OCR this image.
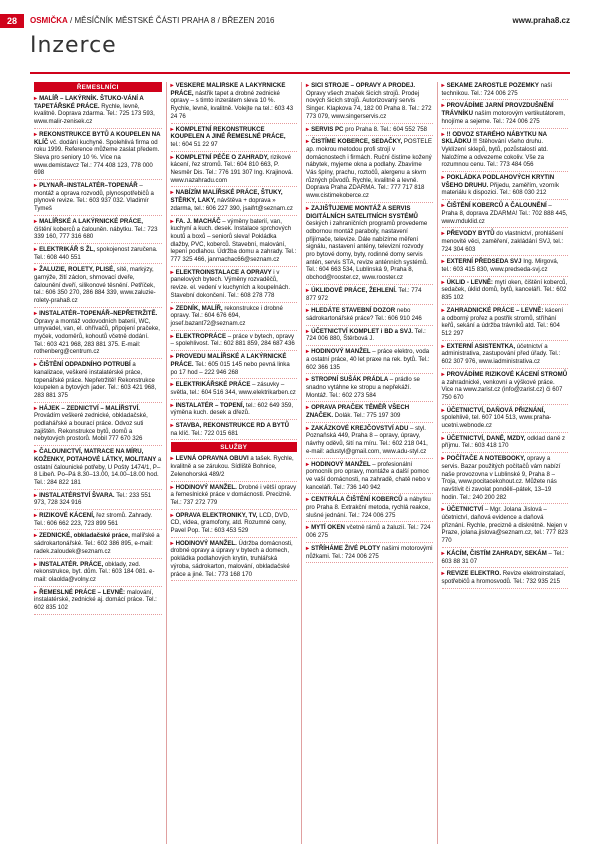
28	OSMIČKA / MĚSÍČNÍK MĚSTSKÉ ČÁSTI PRAHA 8 / BŘEZEN 2016	www.praha8.cz
Inzerce
ŘEMESLNÍCI
▸ MALÍŘ – LAKÝRNÍK. ŠTUKO-VÁNÍ A TAPETÁŘSKÉ PRÁCE. Rychle, levně, kvalitně. Doprava zdarma. Tel.: 725 173 593, www.malir-zenisek.cz
▸ REKONSTRUKCE BYTŮ A KOUPELEN NA KLÍČ vč. dodání kuchyně. Spolehlivá firma od roku 1999. Reference můžeme zaslat předem. Sleva pro seniory 10 %. Více na www.demistavcz Tel.: 774 408 123, 778 000 698
▸ PLYNAŘ–INSTALATÉR–TOPENÁŘ – montáž a oprava rozvodů, plynospotřebičů a plynové revize. Tel.: 603 937 032. Vladimír Tymeš
▸ MALÍŘSKÉ A LAKÝRNICKÉ PRÁCE, čištění koberců a čalouněn. nábytku. Tel.: 723 339 160, 777 316 680
▸ ELEKTRIKÁŘ S ŽL, spokojenost zaručena. Tel.: 608 440 551
▸ ŽALUZIE, ROLETY, PLISÉ, sítě, markýzy, garnýže, žití záclon, shrnovací dveře, čalounění dveří, silikonové těsnění. Petříček, tel.: 606 350 270, 286 884 339, www.zaluzie-rolety-praha8.cz
▸ INSTALATÉR–TOPENÁŘ–NEPŘETRŽITĚ. Opravy a montáž vodovodních baterií, WC, umyvadel, van, el. ohřívačů, připojení pračeke, myček, vodoměrů, kohoutů včetně dodání. Tel.: 603 421 968, 283 881 375. E-mail: rothenberg@centrum.cz
▸ ČIŠTĚNÍ ODPADNÍHO POTRUBÍ a kanalizace, veškeré instalatérské práce, topenářské práce. Nepřetržitě! Rekonstrukce koupelen a bytových jader. Tel.: 603 421 968, 283 881 375
▸ HÁJEK – ZEDNICTVÍ – MALÍŘSTVÍ. Provádím veškeré zednické, obkladačské, podlahářské a bourací práce. Odvoz suti zajištěn. Rekonstrukce bytů, domů a nebytových prostorů. Mobil 777 670 326
▸ ČALOUNICTVÍ, MATRACE NA MÍRU, KOŽENKY, POTAHOVÉ LÁTKY, MOLITANY a ostatní čalounické potřeby, U Pošty 1474/1, P–8 Libeň. Po–Pá 8.30–13.00, 14.00–18.00 hod. Tel.: 284 822 181
▸ INSTALATÉRSTVÍ ŠVARA. Tel.: 233 551 973, 728 324 916
▸ RIZIKOVÉ KÁCENÍ, řez stromů. Zahrady. Tel.: 606 662 223, 723 899 561
▸ ZEDNICKÉ, obkladačské práce, malířské a sádrokartonářské. Tel.: 602 386 895, e-mail: radek.zaloudek@seznam.cz
▸ INSTALATÉR. PRÁCE, obklady, zed. rekonstrukce, byt. dům. Tel.: 603 184 081. e-mail: olaolda@volny.cz
▸ ŘEMESLNÉ PRÁCE – LEVNĚ: malování, instalatérské, zednické aj. domácí práce. Tel.: 602 835 102
▸ VEŠKERÉ MALÍŘSKÉ A LAKÝRNICKÉ PRÁCE, nástřik tapet a drobné zednické opravy – s timto inzerátem sleva 10 %. Rychle, levně, kvalitně. Volejte na tel.: 603 43 24 76
▸ KOMPLETNÍ REKONSTRUKCE KOUPELEN A JINÉ ŘEMESLNÉ PRÁCE, tel.: 604 51 22 97
▸ KOMPLETNÍ PÉČE O ZAHRADY, rizikové kácení, řez stromů. Tel.: 604 810 663, P. Nesměr Dis. Tel.: 776 191 307 Ing. Krajinová. www.nazahradu.com
▸ NABÍZÍM MALÍŘSKÉ PRÁCE, ŠTUKY, STĚRKY, LAKY, návštěva + doprava » zdarma, tel.: 606 227 390, jsaifrt@seznam.cz
▸ FA. J. MACHÁČ – výměny baterií, van, kuchyní a kuch. desek. Instalace sprchových koutů a boxů – seniorů sleva! Pokládka dlažby, PVC, koberců. Stavební, malování, lepení podlahou. Údržba domu a zahrady. Tel.: 777 325 466, janmachac66@seznam.cz
▸ ELEKTROINSTALACE A OPRAVY i v panelových bytech. Výměny rozvaděčů, revize. el. vedení v kuchyních a koupelnách. Stavební dokončení. Tel.: 608 278 778
▸ ZEDNÍK, MALÍŘ, rekonstrukce i drobné opravy. Tel.: 604 676 694, josef.bazant72@seznam.cz
▸ ELEKTROPRÁCE – práce v bytech, opravy – spolehlivost. Tel.: 602 881 859, 284 687 436
▸ PROVEDU MALÍŘSKÉ A LAKÝRNICKÉ PRÁCE. Tel.: 605 015 145 nebo pevná linka po 17 hod – 222 946 268
▸ ELEKTRIKÁŘSKÉ PRÁCE – zásuvky – světla, tel.: 604 516 344, www.elektrikarben.cz
▸ INSTALATÉR – TOPENÍ, tel.: 602 649 359, výměna kuch. desek a dřezů.
▸ STAVBA, REKONSTRUKCE RD A BYTŮ na klíč. Tel.: 722 015 681
SLUŽBY
▸ LEVNÁ OPRAVNA OBUVI a tašek. Rychle, kvalitně a se zárukou. Sídliště Bohnice, Zelenohorská 489/2
▸ HODINOVÝ MANŽEL. Drobné i větší opravy a řemeslnické práce v domácnosti. Preciznë. Tel.: 737 272 779
▸ OPRAVA ELEKTRONIKY, TV, LCD, DVD, CD, videa, gramofony, atd. Rozumné ceny, Pavel Pop. Tel.: 603 453 529
▸ HODINOVÝ MANŽEL. Údržba domácnosti, drobné opravy a úpravy v bytech a domech, pokládka podlahových krytin, truhlářská výroba, sádrokarton, malování, obkladačské práce a jiné. Tel.: 773 168 170
▸ ŠICÍ STROJE – OPRAVY A PRODEJ. Opravy všech značek šicích strojů. Prodej nových šicích strojů. Autorizovaný servis Singer. Klapkova 74, 182 00 Praha 8. Tel.: 272 773 079, www.singerservis.cz
▸ SERVIS PC pro Praha 8. Tel.: 604 552 758
▸ ČISTÍME KOBERCE, SEDAČKY, POSTELE ap. mokrou metodou profi strojí v domácnostech i firmách. Ruční čistíme kožený nábytek, myjeme okna a podlahy. Zbavíme Vás špíny, prachu, roztočů, alergenu a skvrn různých původů. Rychle, kvalitně a levně. Doprava Praha ZDARMA. Tel.: 777 717 818 www.cistimekoberce.cz
▸ ZAJIŠŤUJEME MONTÁŽ A SERVIS DIGITÁLNÍCH SATELITNÍCH SYSTÉMŮ českých i zahraničních programů provedeme odbornou montáž paraboly, nastavení přijímače, televize. Dále nabízíme měření signálu, nastavení antény, televizní rozvody pro bytové domy, byty, rodinné domy servis antén, servis STA, revize anténních systémů. Tel.: 604 663 534, Lublinská 9, Praha 8, obchod@rooster.cz, www.rooster.cz
▸ ÚKLIDOVÉ PRÁCE, ŽEHLENÍ. Tel.: 774 877 972
▸ HLEDÁTE STAVEBNÍ DOZOR nebo sádrokartonářské práce? Tel.: 606 910 246
▸ ÚČETNICTVÍ KOMPLET i BD a SVJ. Tel.: 724 006 880, Štěrbová J.
▸ HODINOVÝ MANŽEL – práce elektro, voda a ostatní práce, 40 let praxe na rek. bytů. Tel.: 602 366 135
▸ STROPNÍ SUŠÁK PRÁDLA – prádlo se snadno vytáhne ke stropu a nepřekáží. Montáž. Tel.: 602 273 584
▸ OPRAVA PRAČEK TĚMĚŘ VŠECH ZNAČEK. Dolák. Tel.: 775 197 309
▸ ZAKÁZKOVÉ KREJČOVSTVÍ ADU – styl. Poznaňská 449, Praha 8 – opravy, úpravy, návrhy oděvů, šití na míru. Tel.: 602 218 041, e-mail: adustyl@gmail.com, www.adu-styl.cz
▸ HODINOVÝ MANŽEL – profesionální pomocník pro opravy, montáže a další pomoc ve vaší domácnosti, na zahradě, chatě nebo v kanceláři. Tel.: 736 140 942
▸ CENTRÁLA ČIŠTĚNÍ KOBERCŮ a nábytku pro Praha 8. Extrakční metoda, rychlá reakce, slušné jednání. Tel.: 724 006 275
▸ MYTÍ OKEN včetně rámů a žaluzií. Tel.: 724 006 275
▸ STŘÍHÁME ŽIVÉ PLOTY našimi motorovými nůžkami. Tel.: 724 006 275
▸ SEKÁME ZAROSTLÉ POZEMKY naší technikou. Tel.: 724 006 275
▸ PROVÁDÍME JARNÍ PROVZDUŠNĚNÍ TRÁVNÍKU naším motorovým vertikutátorem, hnojíme a sejeme. Tel.: 724 006 275
▸ !! ODVOZ STARÉHO NÁBYTKU NA SKLÁDKU !! Stěhování všeho druhu. Vyklízení sklepů, bytů, pozůstalostí atd. Naložíme a odvezeme cokoliv. Vše za rozumnou cenu. Tel.: 773 484 056
▸ POKLÁDKA PODLAHOVÝCH KRYTIN VŠEHO DRUHU. Přijedu, zaměřím, vzorník materiálu k dispozici. Tel.: 608 030 212
▸ ČIŠTĚNÍ KOBERCŮ A ČALOUNĚNÍ – Praha 8, doprava ZDARMA! Tel.: 702 888 445, www.mduklid.cz
▸ PŘEVODY BYTŮ do vlastnictví, prohlášení menovité věci, zaměření, zakládání SVJ, tel.: 724 304 603
▸ EXTERNÍ PŘEDSEDA SVJ Ing. Mirgová, tel.: 603 415 830, www.predseda-svj.cz
▸ ÚKLID - LEVNĚ: mytí oken, čištění koberců, sedaček, úklid domů, bytů, kanceláří. Tel.: 602 835 102
▸ ZAHRADNICKÉ PRÁCE – LEVNĚ: kácení a odborný prořez a postřik stromů, stříhání keřů, sekání a údržba trávníků atd. Tel.: 604 512 297
▸ EXTERNÍ ASISTENTKA, účetnictví a administrativa, zastupování před úřady. Tel.: 602 307 976, www.iadministrativa.cz
▸ PROVÁDÍME RIZIKOVÉ KÁCENÍ STROMŮ a zahradnické, venkovní a výškové práce. Vice na www.zarist.cz (info@zarist.cz) či 607 750 670
▸ ÚČETNICTVÍ, DAŇOVÁ PŘIZNÁNÍ, spolehlivě, tel. 607 104 513, www.praha-ucetni.webnode.cz
▸ ÚČETNICTVÍ, DANĚ, MZDY, odklad daně z příjmu. Tel.: 603 418 170
▸ POČÍTAČE A NOTEBOOKY, opravy a servis. Bazar použitých počítačů vám nabízí naše provozovna v Lublinské 9, Praha 8 – Troja, www.pocitacekohout.cz. Můžete nás navštívit či zavolat pondělí–pátek, 13–19 hodin. Tel.: 240 200 282
▸ ÚČETNICTVÍ – Mgr. Jolana Jislová – účetnictví, daňová evidence a daňová přiznání. Rychle, precizně a diskrétně. Nejen v Praze, jolana.jislova@seznam.cz, tel.: 777 823 770
▸ KÁCÍM, ČISTÍM ZAHRADY, SEKÁM – Tel.: 603 88 31 07
▸ REVIZE ELEKTRO. Revize elektroinstalací, spotřebičů a hromosvodů. Tel.: 732 935 215
